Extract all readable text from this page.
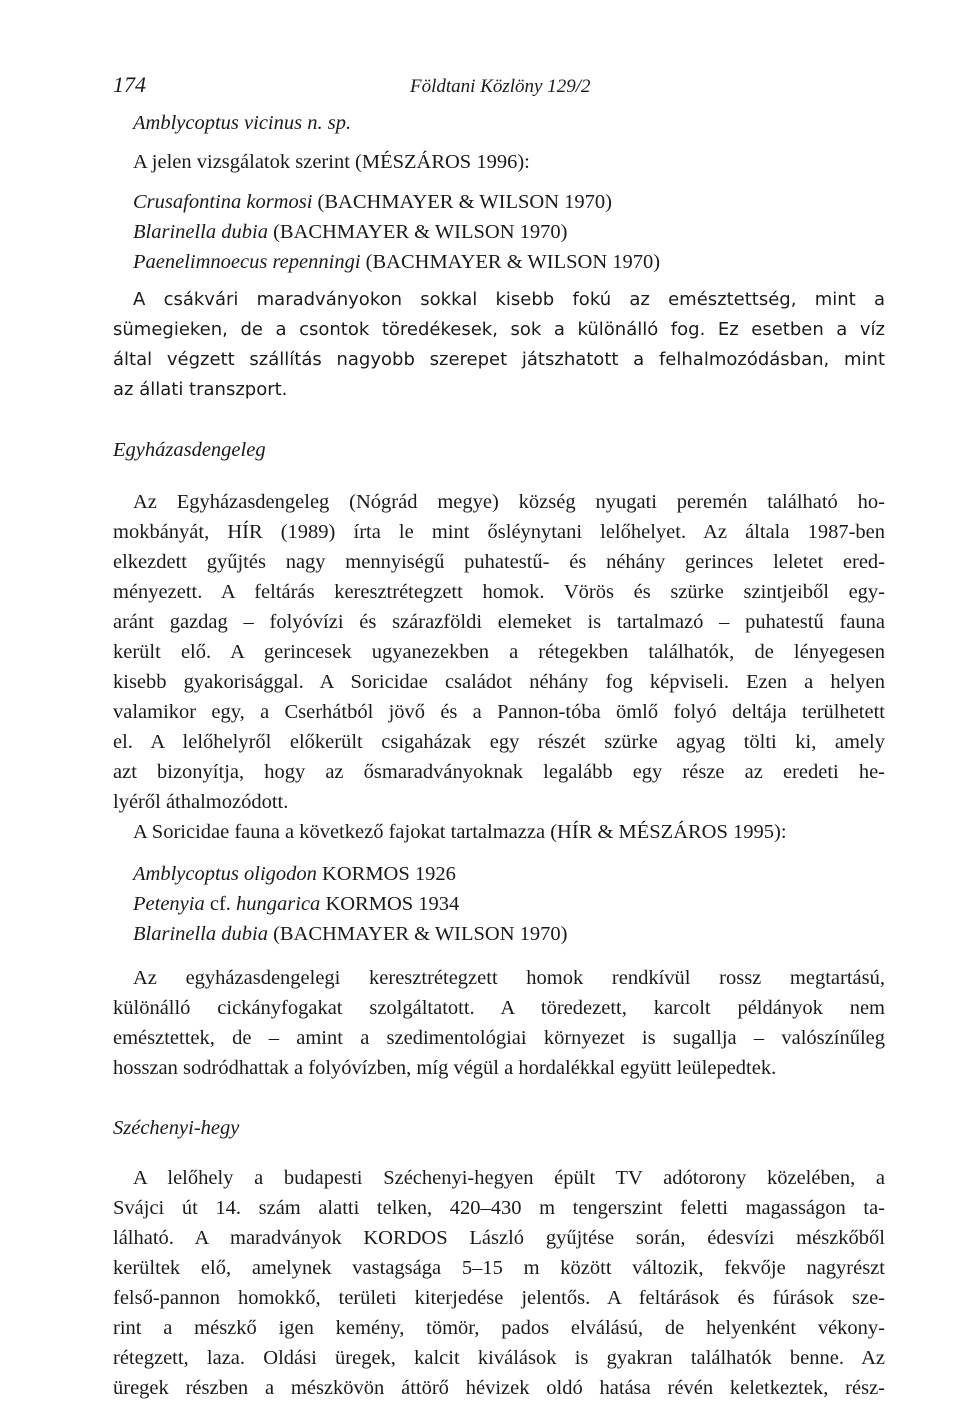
174	Földtani Közlöny 129/2
Amblycoptus vicinus n. sp.
A jelen vizsgálatok szerint (MÉSZÁROS 1996):
Crusafontina kormosi (BACHMAYER & WILSON 1970)
Blarinella dubia (BACHMAYER & WILSON 1970)
Paenelimnoecus repenningi (BACHMAYER & WILSON 1970)
A csákvári maradványokon sokkal kisebb fokú az emésztettség, mint a
sümegieken, de a csontok töredékesek, sok a különálló fog. Ez esetben a víz
által végzett szállítás nagyobb szerepet játszhatott a felhalmozódásban, mint
az állati transzport.
Egyházasdengeleg
Az Egyházasdengeleg (Nógrád megye) község nyugati peremén található ho-
mokbányát, HÍR (1989) írta le mint ősléynytani lelőhelyet. Az általa 1987-ben
elkezdett gyűjtés nagy mennyiségű puhatestű- és néhány gerinces leletet ered-
ményezett. A feltárás keresztrétegzett homok. Vörös és szürke szintjeiből egy-
aránt gazdag – folyóvízi és szárazföldi elemeket is tartalmazó – puhatestű fauna
került elő. A gerincesek ugyanezekben a rétegekben találhatók, de lényegesen
kisebb gyakorisággal. A Soricidae családot néhány fog képviseli. Ezen a helyen
valamikor egy, a Cserhátból jövő és a Pannon-tóba ömlő folyó deltája terülhetett
el. A lelőhelyről előkerült csigaházak egy részét szürke agyag tölti ki, amely
azt bizonyítja, hogy az ősmaradványoknak legalább egy része az eredeti he-
lyéről áthalmozódott.
A Soricidae fauna a következő fajokat tartalmazza (HÍR & MÉSZÁROS 1995):
Amblycoptus oligodon KORMOS 1926
Petenyia cf. hungarica KORMOS 1934
Blarinella dubia (BACHMAYER & WILSON 1970)
Az egyházasdengelegi keresztrétegzett homok rendkívül rossz megtartású,
különálló cickányfogakat szolgáltatott. A töredezett, karcolt példányok nem
emésztettek, de – amint a szedimentológiai környezet is sugallja – valószínűleg
hosszan sodródhattak a folyóvízben, míg végül a hordalékkal együtt leülepedtek.
Széchenyi-hegy
A lelőhely a budapesti Széchenyi-hegyen épült TV adótorony közelében, a
Svájci út 14. szám alatti telken, 420–430 m tengerszint feletti magasságon ta-
lálható. A maradványok KORDOS László gyűjtése során, édesvízi mészkőből
kerültek elő, amelynek vastagsága 5–15 m között változik, fekvője nagyrészt
felső-pannon homokkő, területi kiterjedése jelentős. A feltárások és fúrások sze-
rint a mészkő igen kemény, tömör, pados elválású, de helyenként vékony-
rétegzett, laza. Oldási üregek, kalcit kiválások is gyakran találhatók benne. Az
üregek részben a mészkövön áttörő hévizek oldó hatása révén keletkeztek, rész-
